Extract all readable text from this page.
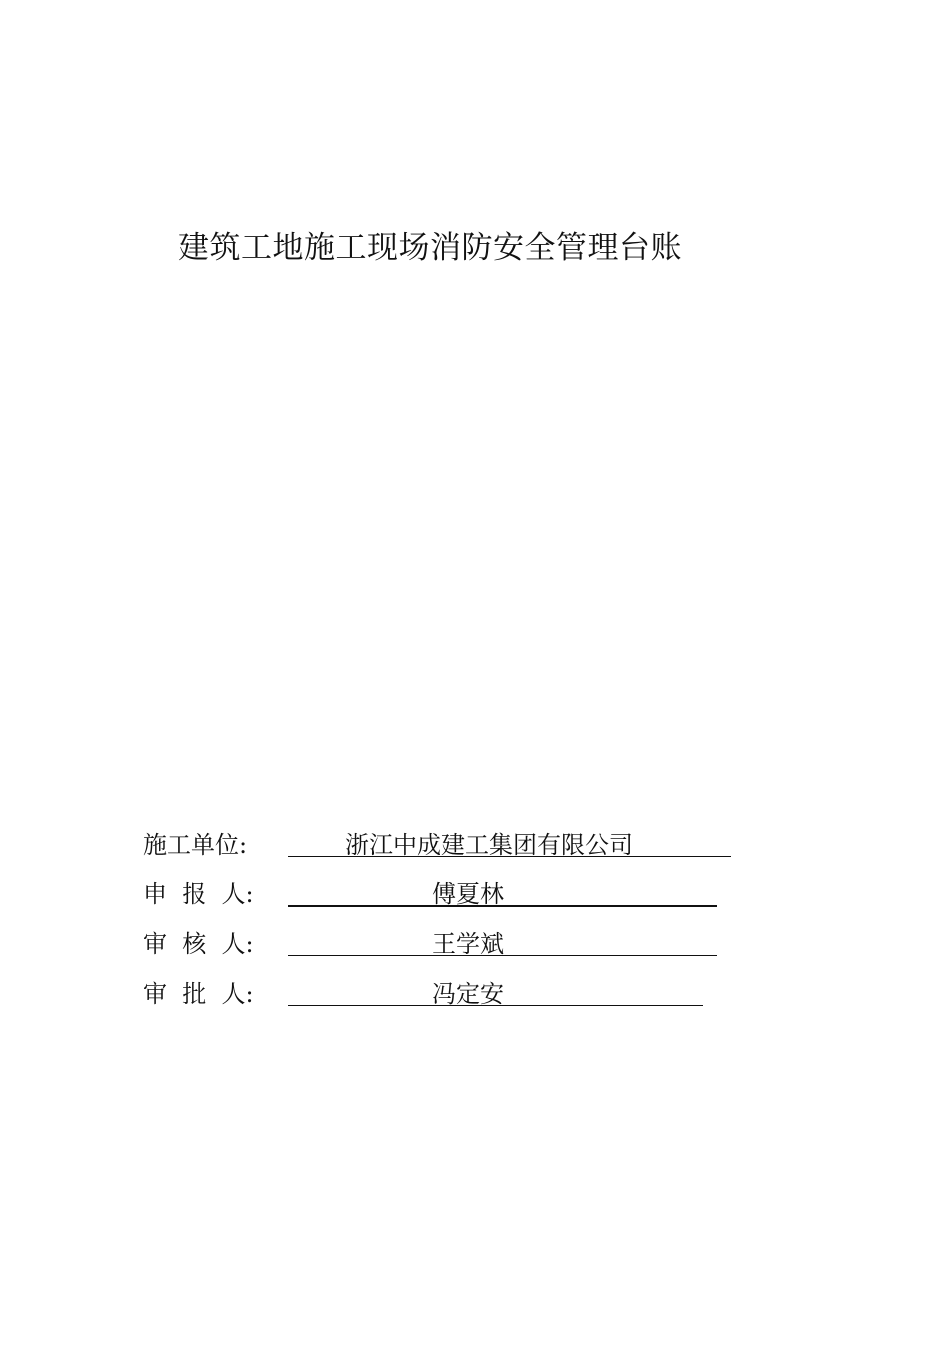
建筑工地施工现场消防安全管理台账
施工单位:	浙江中成建工集团有限公司
申  报  人:	傅夏林
审  核  人:	王学斌
审  批  人:	冯定安
